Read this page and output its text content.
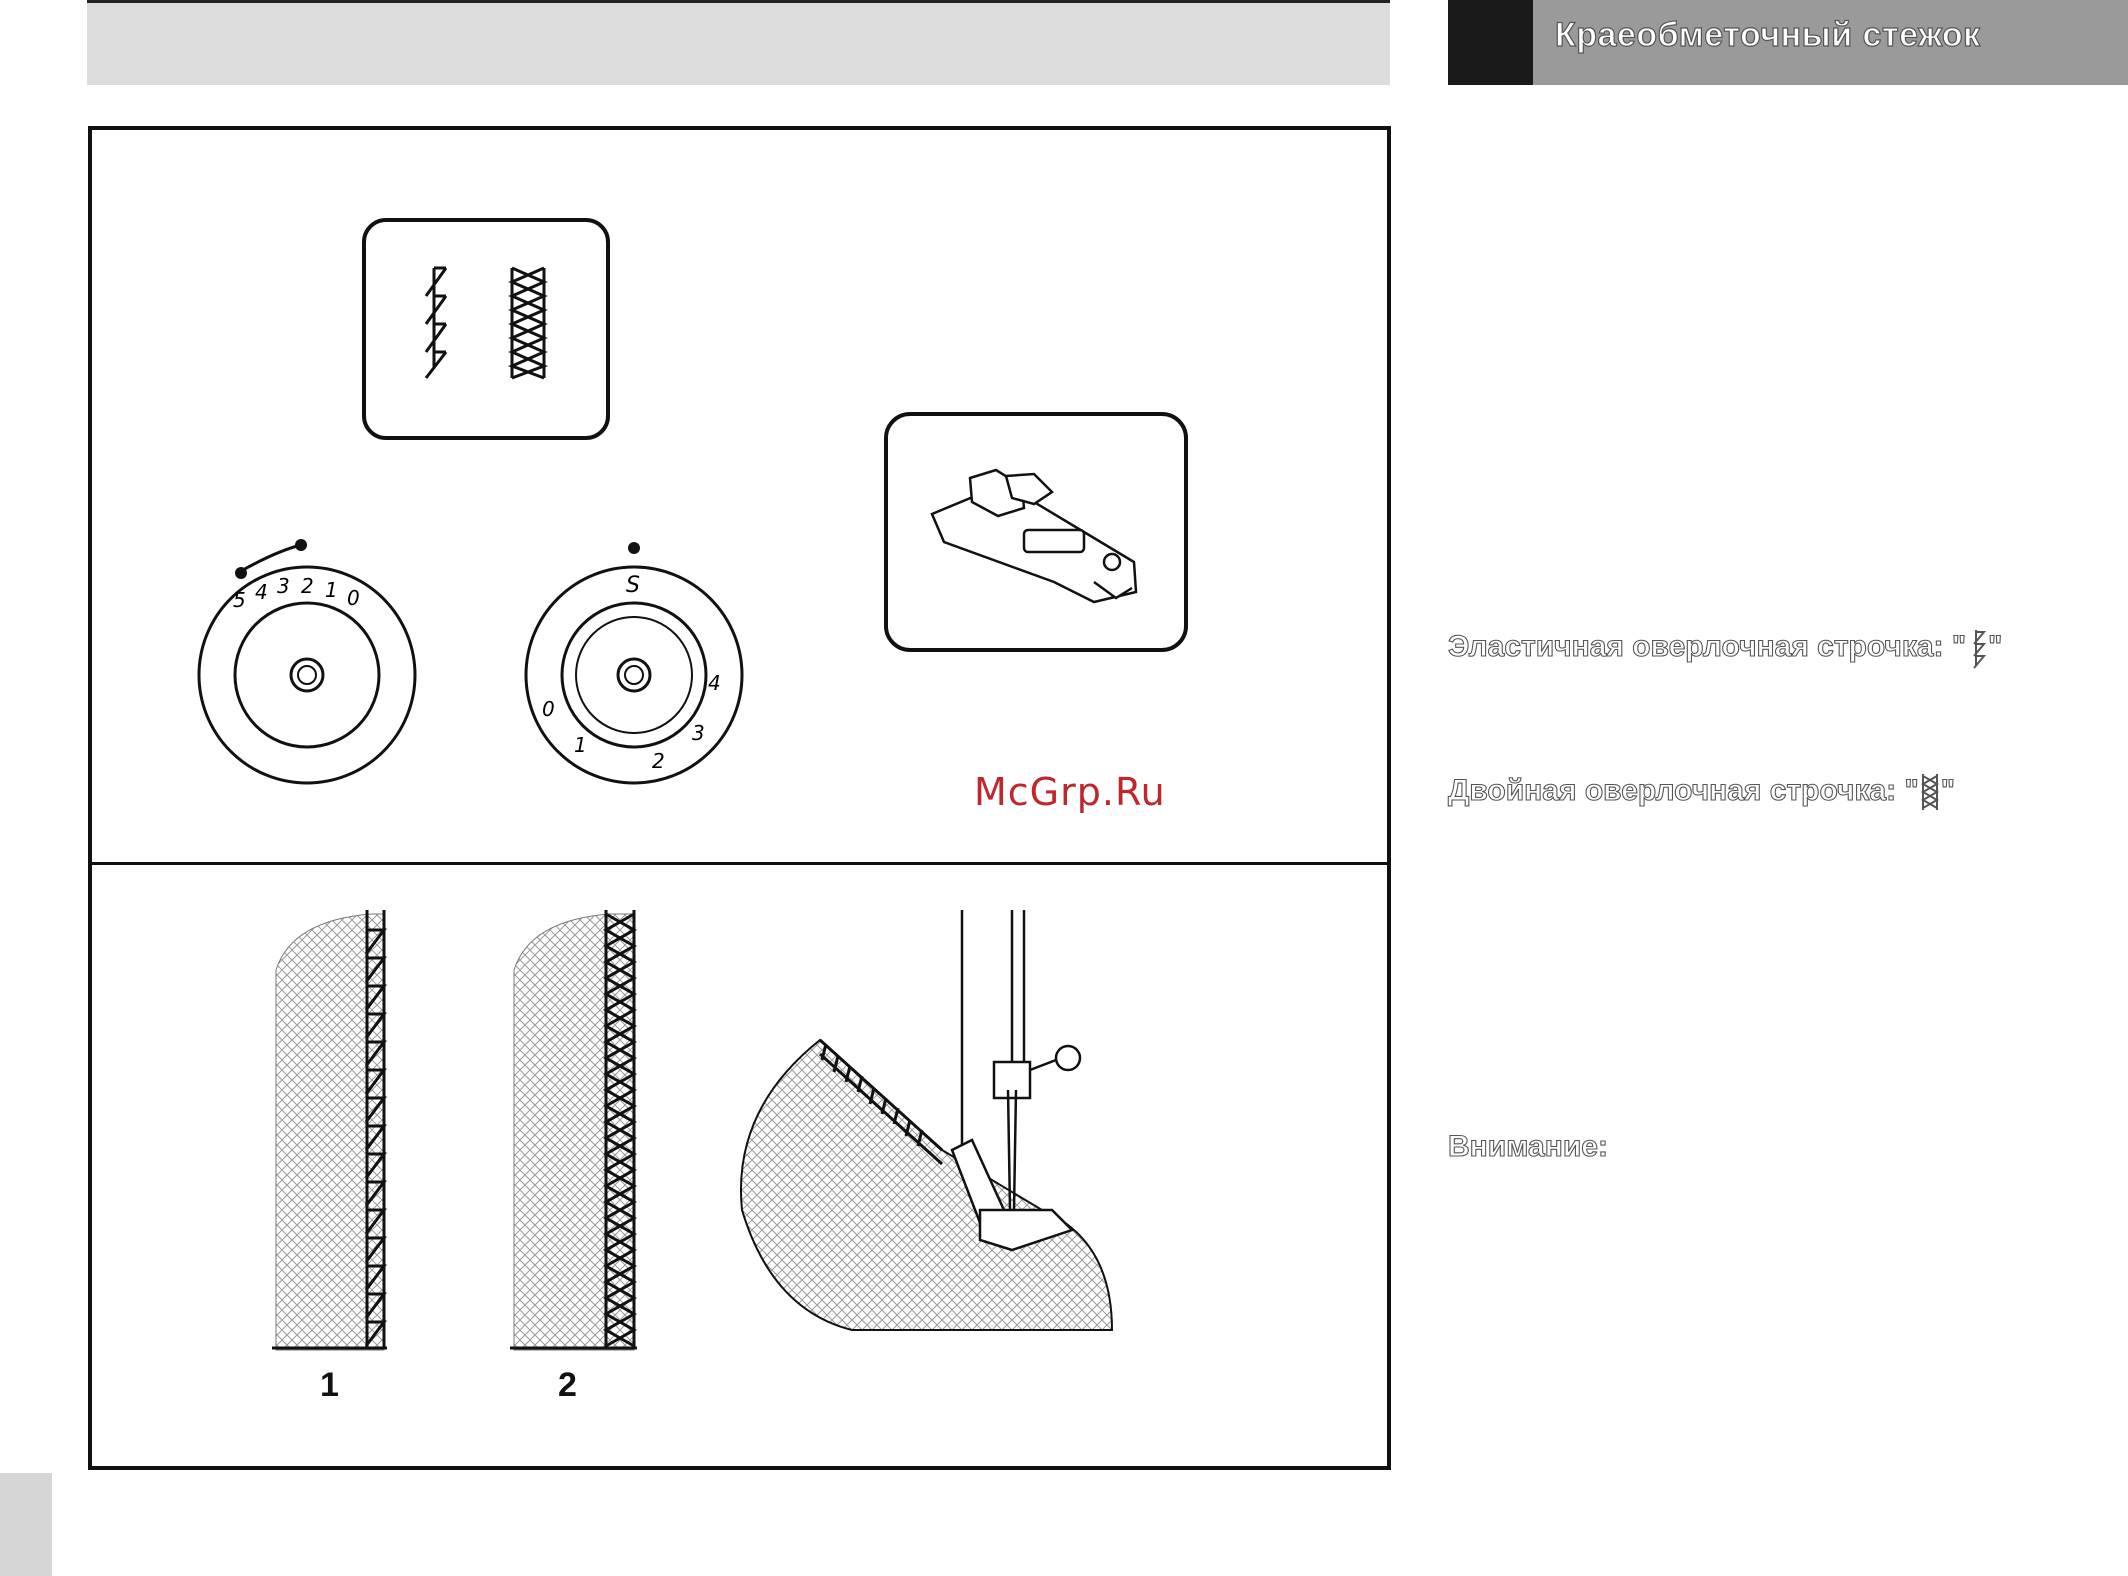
Краеобметочный стежок
5 4 3 2 1 0	S
4
3
2
1
0
McGrp.Ru
1	2
Эластичная оверлочная строчка: " "
Двойная оверлочная строчка: " "
Внимание:
